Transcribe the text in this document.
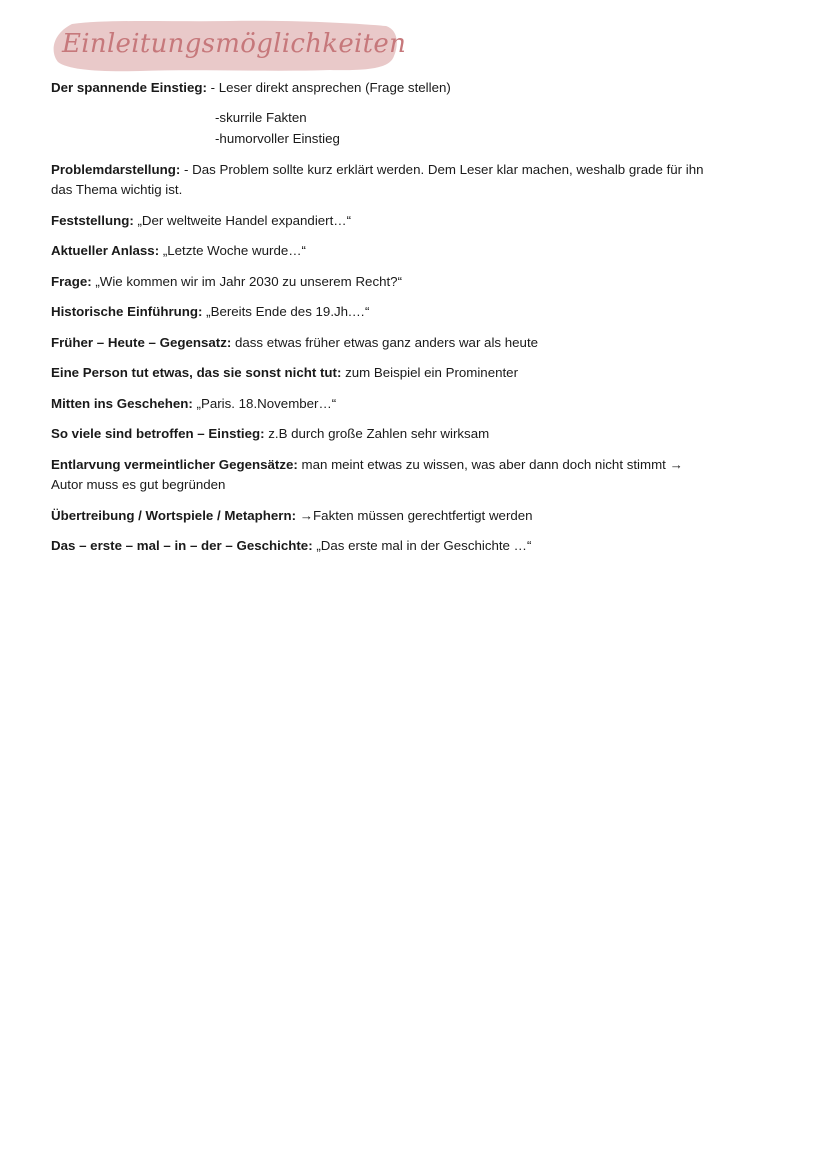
Einleitungsmöglichkeiten
Der spannende Einstieg: - Leser direkt ansprechen (Frage stellen)
-skurrile Fakten
-humorvoller Einstieg
Problemdarstellung: - Das Problem sollte kurz erklärt werden. Dem Leser klar machen, weshalb grade für ihn
das Thema wichtig ist.
Feststellung: „Der weltweite Handel expandiert…“
Aktueller Anlass: „Letzte Woche wurde…“
Frage: „Wie kommen wir im Jahr 2030 zu unserem Recht?“
Historische Einführung: „Bereits Ende des 19.Jh.…“
Früher – Heute – Gegensatz: dass etwas früher etwas ganz anders war als heute
Eine Person tut etwas, das sie sonst nicht tut: zum Beispiel ein Prominenter
Mitten ins Geschehen: „Paris. 18.November…“
So viele sind betroffen – Einstieg: z.B durch große Zahlen sehr wirksam
Entlarvung vermeintlicher Gegensätze: man meint etwas zu wissen, was aber dann doch nicht stimmt →
Autor muss es gut begründen
Übertreibung / Wortspiele / Metaphern: →Fakten müssen gerechtfertigt werden
Das – erste – mal – in – der – Geschichte: „Das erste mal in der Geschichte …“
